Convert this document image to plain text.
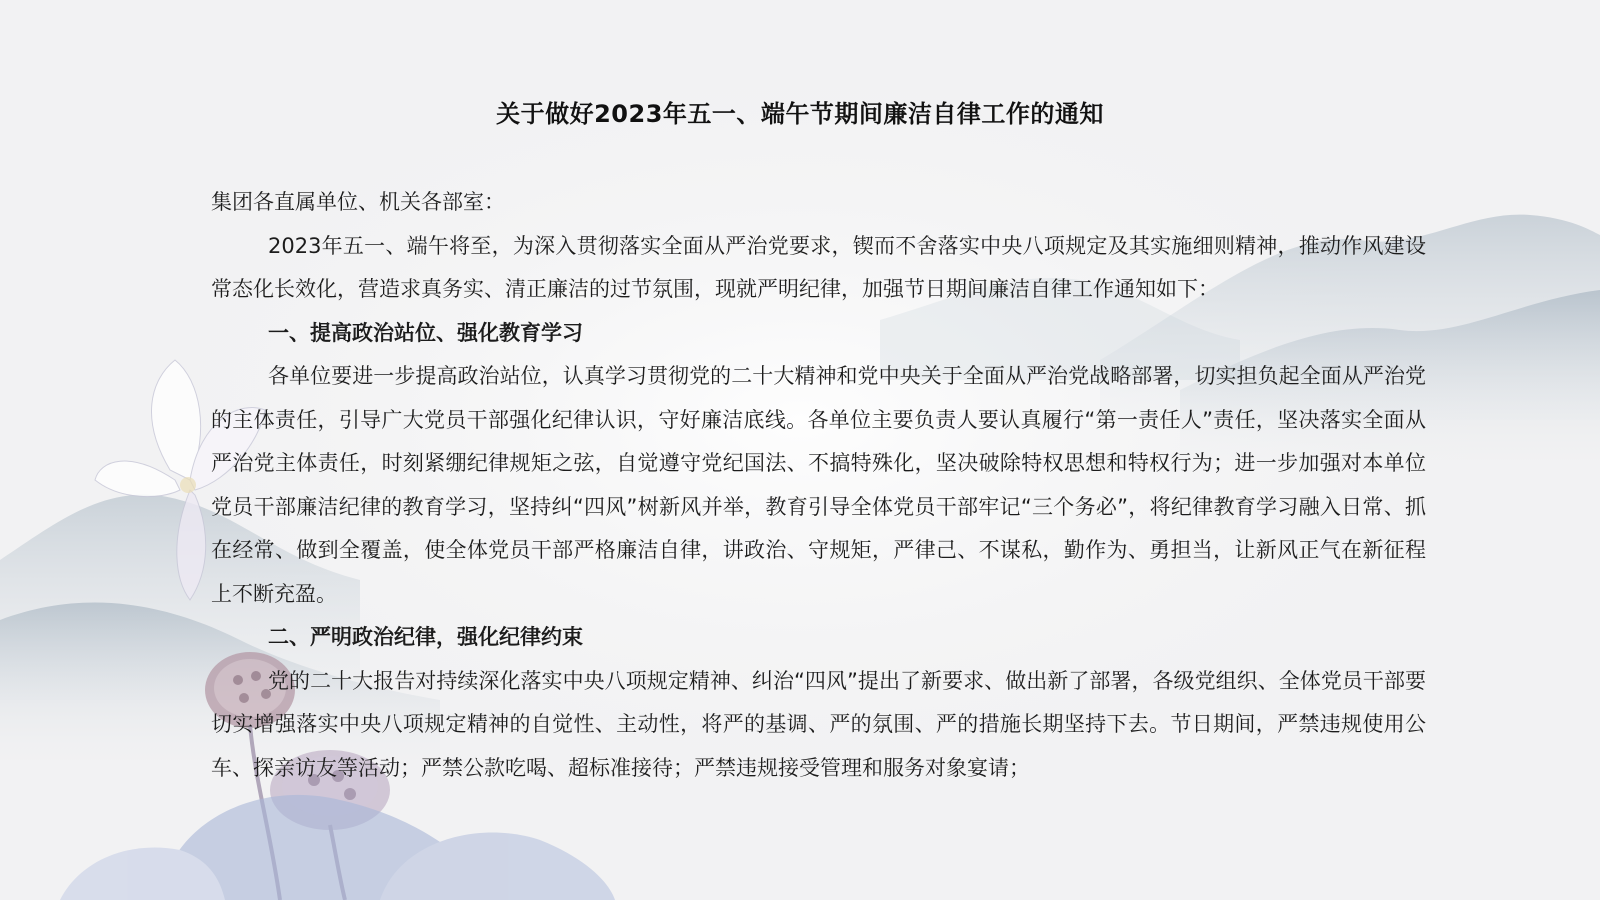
关于做好2023年五一、端午节期间廉洁自律工作的通知

集团各直属单位、机关各部室：

2023年五一、端午将至，为深入贯彻落实全面从严治党要求，锲而不舍落实中央八项规定及其实施细则精神，推动作风建设常态化长效化，营造求真务实、清正廉洁的过节氛围，现就严明纪律，加强节日期间廉洁自律工作通知如下：

一、提高政治站位、强化教育学习

各单位要进一步提高政治站位，认真学习贯彻党的二十大精神和党中央关于全面从严治党战略部署，切实担负起全面从严治党的主体责任，引导广大党员干部强化纪律认识，守好廉洁底线。各单位主要负责人要认真履行“第一责任人”责任，坚决落实全面从严治党主体责任，时刻紧绷纪律规矩之弦，自觉遵守党纪国法、不搞特殊化，坚决破除特权思想和特权行为；进一步加强对本单位党员干部廉洁纪律的教育学习，坚持纠“四风”树新风并举，教育引导全体党员干部牢记“三个务必”，将纪律教育学习融入日常、抓在经常、做到全覆盖，使全体党员干部严格廉洁自律，讲政治、守规矩，严律己、不谋私，勤作为、勇担当，让新风正气在新征程上不断充盈。

二、严明政治纪律，强化纪律约束

党的二十大报告对持续深化落实中央八项规定精神、纠治“四风”提出了新要求、做出新了部署，各级党组织、全体党员干部要切实增强落实中央八项规定精神的自觉性、主动性，将严的基调、严的氛围、严的措施长期坚持下去。节日期间，严禁违规使用公车、探亲访友等活动；严禁公款吃喝、超标准接待；严禁违规接受管理和服务对象宴请；
